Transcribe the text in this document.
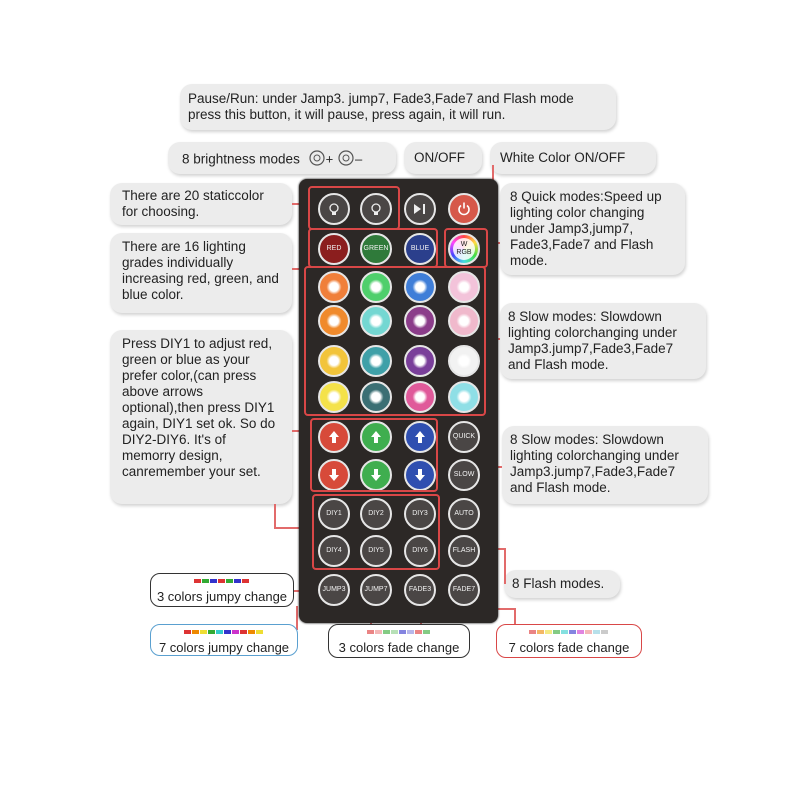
Pause/Run: under Jamp3. jump7, Fade3,Fade7 and Flash mode press this button, it will pause, press again, it will run.
8 brightness modes + –	ON/OFF	White Color ON/OFF
There are 20 staticcolor for choosing.
There are 16 lighting grades individually increasing red, green, and blue color.
Press DIY1 to adjust red, green or blue as your prefer color,(can press above arrows optional),then press DIY1 again, DIY1 set ok. So do DIY2-DIY6. It's of memorry design, canremember your set.
8 Quick modes:Speed up lighting color changing under Jamp3,jump7, Fade3,Fade7 and Flash mode.
8 Slow modes: Slowdown lighting colorchanging under Jamp3.jump7,Fade3,Fade7 and Flash mode.
8 Slow modes: Slowdown lighting colorchanging under Jamp3.jump7,Fade3,Fade7 and Flash mode.
8 Flash modes.
RED	GREEN	BLUE
W
RGB
QUICK
SLOW
DIY1	DIY2	DIY3	AUTO
DIY4	DIY5	DIY6	FLASH
JUMP3	JUMP7	FADE3	FADE7
3 colors jumpy change
7 colors jumpy change	3 colors fade change	7 colors fade change
